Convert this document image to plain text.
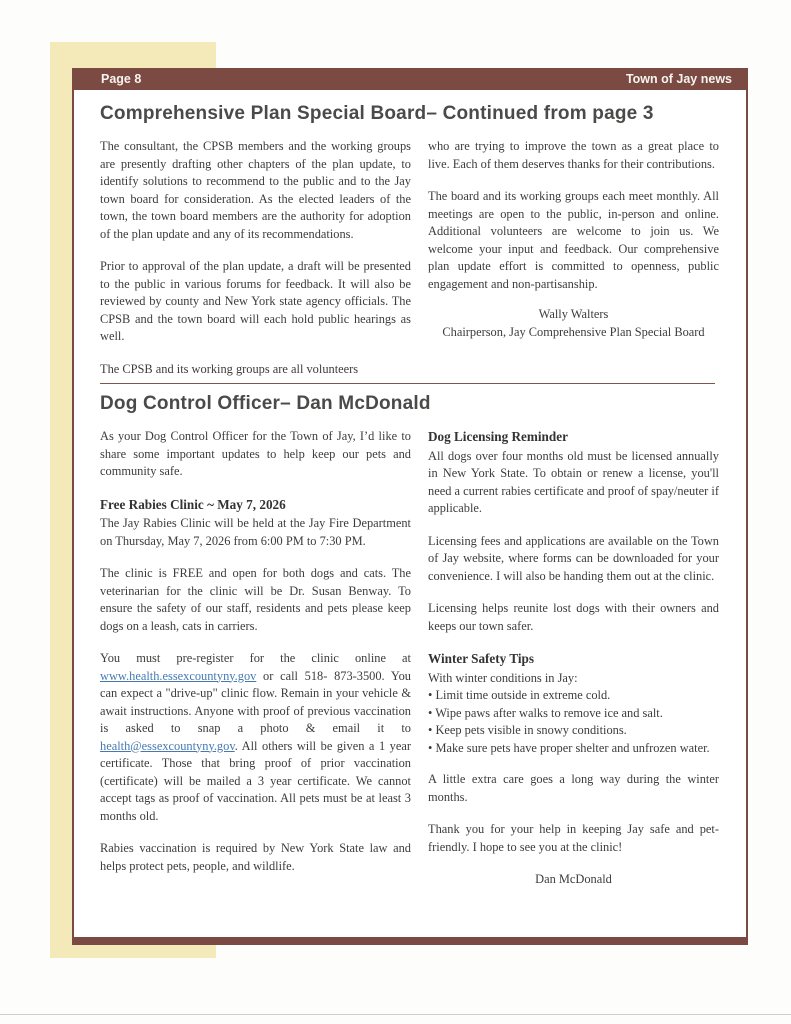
Page 8	Town of Jay news
Comprehensive Plan Special Board– Continued from page 3

The consultant, the CPSB members and the working groups are presently drafting other chapters of the plan update, to identify solutions to recommend to the public and to the Jay town board for consideration. As the elected leaders of the town, the town board members are the authority for adoption of the plan update and any of its recommendations.

Prior to approval of the plan update, a draft will be presented to the public in various forums for feedback. It will also be reviewed by county and New York state agency officials. The CPSB and the town board will each hold public hearings as well.

The CPSB and its working groups are all volunteers

who are trying to improve the town as a great place to live. Each of them deserves thanks for their contributions.

The board and its working groups each meet monthly. All meetings are open to the public, in-person and online. Additional volunteers are welcome to join us. We welcome your input and feedback. Our comprehensive plan update effort is committed to openness, public engagement and non-partisanship.

Wally Walters
Chairperson, Jay Comprehensive Plan Special Board
Dog Control Officer– Dan McDonald

As your Dog Control Officer for the Town of Jay, I’d like to share some important updates to help keep our pets and community safe.

Free Rabies Clinic ~ May 7, 2026

The Jay Rabies Clinic will be held at the Jay Fire Department on Thursday, May 7, 2026 from 6:00 PM to 7:30 PM.

The clinic is FREE and open for both dogs and cats. The veterinarian for the clinic will be Dr. Susan Benway. To ensure the safety of our staff, residents and pets please keep dogs on a leash, cats in carriers.

You must pre-register for the clinic online at www.health.essexcountyny.gov or call 518- 873-3500. You can expect a "drive-up" clinic flow. Remain in your vehicle & await instructions. Anyone with proof of previous vaccination is asked to snap a photo & email it to health@essexcountyny.gov. All others will be given a 1 year certificate. Those that bring proof of prior vaccination (certificate) will be mailed a 3 year certificate. We cannot accept tags as proof of vaccination. All pets must be at least 3 months old.

Rabies vaccination is required by New York State law and helps protect pets, people, and wildlife.

Dog Licensing Reminder

All dogs over four months old must be licensed annually in New York State. To obtain or renew a license, you'll need a current rabies certificate and proof of spay/neuter if applicable.

Licensing fees and applications are available on the Town of Jay website, where forms can be downloaded for your convenience. I will also be handing them out at the clinic.

Licensing helps reunite lost dogs with their owners and keeps our town safer.

Winter Safety Tips

With winter conditions in Jay:

• Limit time outside in extreme cold.

• Wipe paws after walks to remove ice and salt.

• Keep pets visible in snowy conditions.

• Make sure pets have proper shelter and unfrozen water.

A little extra care goes a long way during the winter months.

Thank you for your help in keeping Jay safe and pet-friendly. I hope to see you at the clinic!

Dan McDonald
